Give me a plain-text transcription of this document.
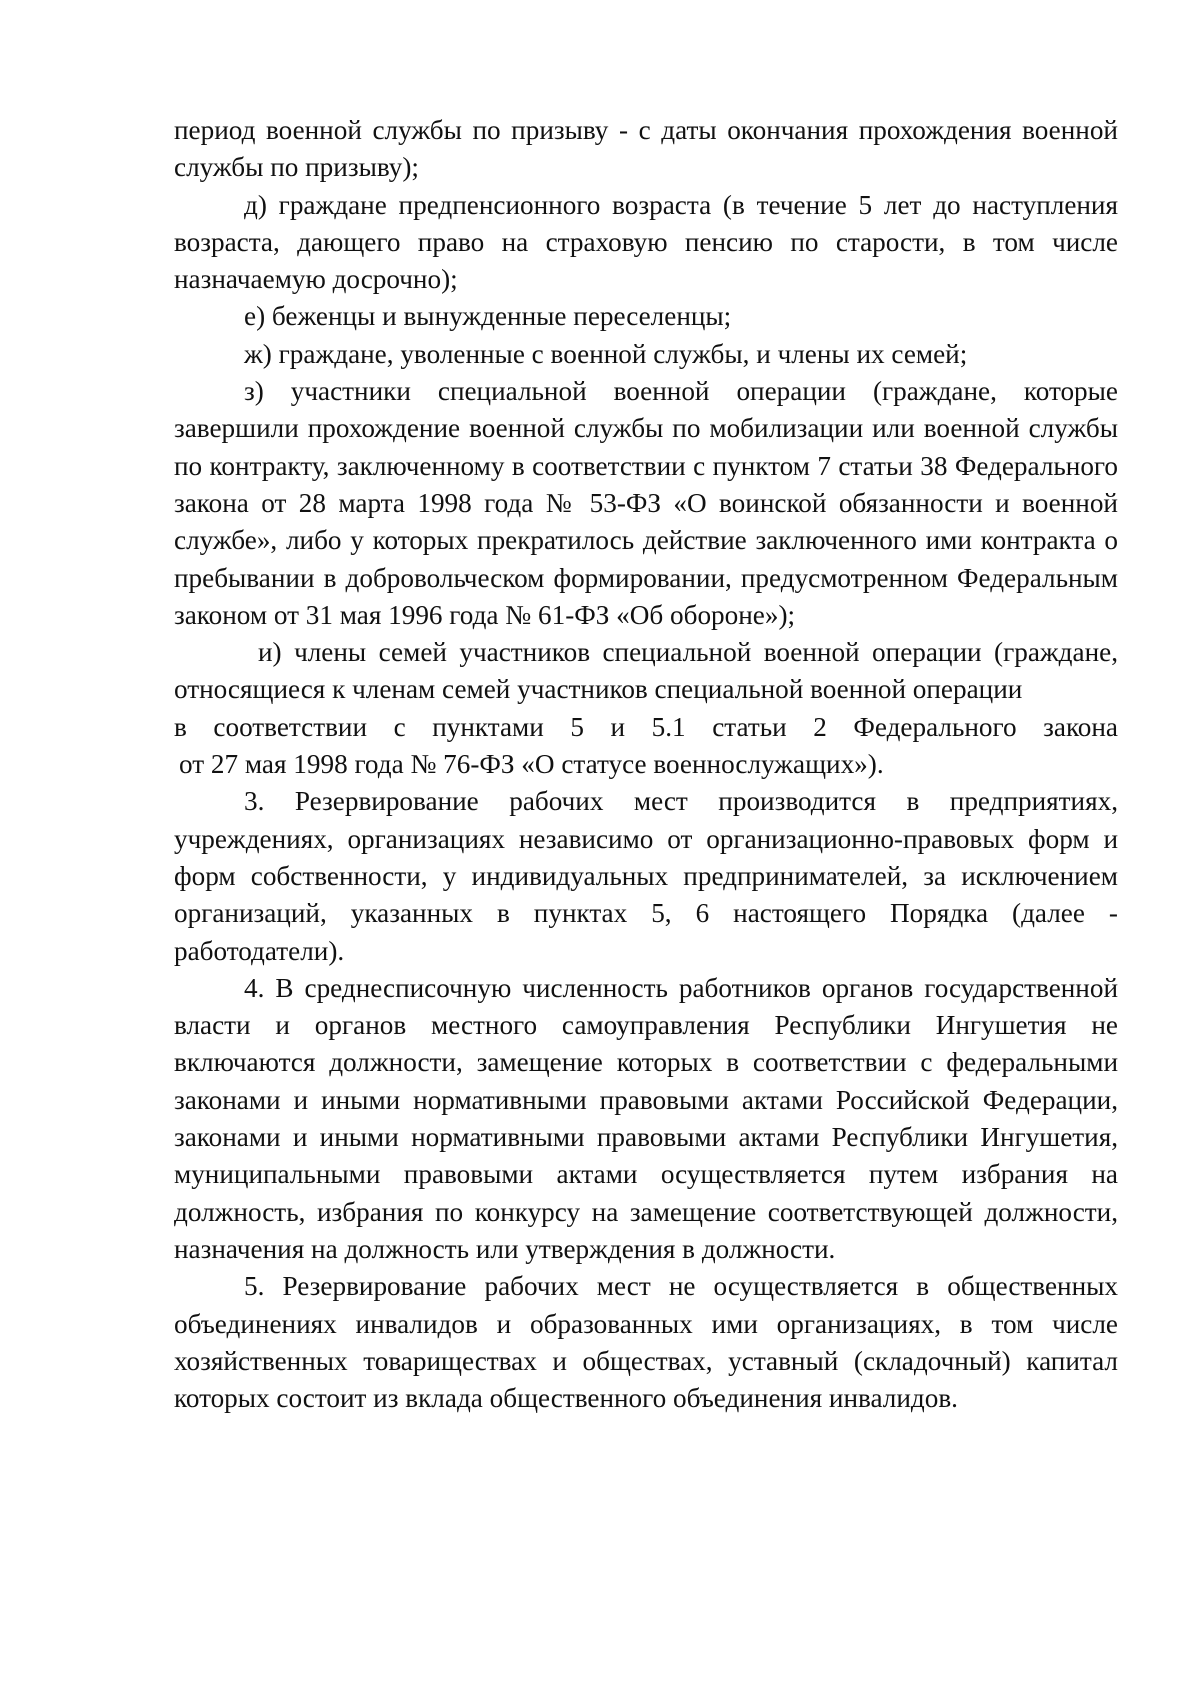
период военной службы по призыву - с даты окончания прохождения военной службы по призыву);

д) граждане предпенсионного возраста (в течение 5 лет до наступления возраста, дающего право на страховую пенсию по старости, в том числе назначаемую досрочно);

е) беженцы и вынужденные переселенцы;

ж) граждане, уволенные с военной службы, и члены их семей;

з) участники специальной военной операции (граждане, которые завершили прохождение военной службы по мобилизации или военной службы по контракту, заключенному в соответствии с пунктом 7 статьи 38 Федерального закона от 28 марта 1998 года № 53-ФЗ «О воинской обязанности и военной службе», либо у которых прекратилось действие заключенного ими контракта о пребывании в добровольческом формировании, предусмотренном Федеральным законом от 31 мая 1996 года № 61-ФЗ «Об обороне»);

и) члены семей участников специальной военной операции (граждане, относящиеся к членам семей участников специальной военной операции

в соответствии с пунктами 5 и 5.1 статьи 2 Федерального закона

от 27 мая 1998 года № 76-ФЗ «О статусе военнослужащих»).

3. Резервирование рабочих мест производится в предприятиях, учреждениях, организациях независимо от организационно-правовых форм и форм собственности, у индивидуальных предпринимателей, за исключением организаций, указанных в пунктах 5, 6 настоящего Порядка (далее - работодатели).

4. В среднесписочную численность работников органов государственной власти и органов местного самоуправления Республики Ингушетия не включаются должности, замещение которых в соответствии с федеральными законами и иными нормативными правовыми актами Российской Федерации, законами и иными нормативными правовыми актами Республики Ингушетия, муниципальными правовыми актами осуществляется путем избрания на должность, избрания по конкурсу на замещение соответствующей должности, назначения на должность или утверждения в должности.

5. Резервирование рабочих мест не осуществляется в общественных объединениях инвалидов и образованных ими организациях, в том числе хозяйственных товариществах и обществах, уставный (складочный) капитал которых состоит из вклада общественного объединения инвалидов.
